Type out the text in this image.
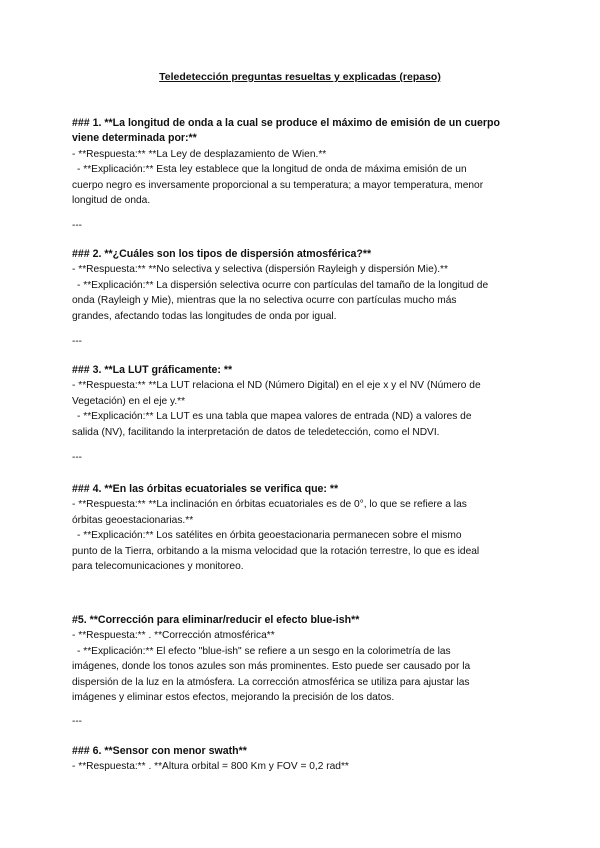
Teledetección preguntas resueltas y explicadas (repaso)
### 1. **La longitud de onda a la cual se produce el máximo de emisión de un cuerpo
viene determinada por:**
- **Respuesta:** **La Ley de desplazamiento de Wien.**
- **Explicación:** Esta ley establece que la longitud de onda de máxima emisión de un
cuerpo negro es inversamente proporcional a su temperatura; a mayor temperatura, menor
longitud de onda.
---
### 2. **¿Cuáles son los tipos de dispersión atmosférica?**
- **Respuesta:** **No selectiva y selectiva (dispersión Rayleigh y dispersión Mie).**
- **Explicación:** La dispersión selectiva ocurre con partículas del tamaño de la longitud de
onda (Rayleigh y Mie), mientras que la no selectiva ocurre con partículas mucho más
grandes, afectando todas las longitudes de onda por igual.
---
### 3. **La LUT gráficamente: **
- **Respuesta:** **La LUT relaciona el ND (Número Digital) en el eje x y el NV (Número de
Vegetación) en el eje y.**
- **Explicación:** La LUT es una tabla que mapea valores de entrada (ND) a valores de
salida (NV), facilitando la interpretación de datos de teledetección, como el NDVI.
---
### 4. **En las órbitas ecuatoriales se verifica que: **
- **Respuesta:** **La inclinación en órbitas ecuatoriales es de 0°, lo que se refiere a las
órbitas geoestacionarias.**
- **Explicación:** Los satélites en órbita geoestacionaria permanecen sobre el mismo
punto de la Tierra, orbitando a la misma velocidad que la rotación terrestre, lo que es ideal
para telecomunicaciones y monitoreo.
#5. **Corrección para eliminar/reducir el efecto blue-ish**
- **Respuesta:** . **Corrección atmosférica**
- **Explicación:** El efecto "blue-ish" se refiere a un sesgo en la colorimetría de las
imágenes, donde los tonos azules son más prominentes. Esto puede ser causado por la
dispersión de la luz en la atmósfera. La corrección atmosférica se utiliza para ajustar las
imágenes y eliminar estos efectos, mejorando la precisión de los datos.
---
### 6. **Sensor con menor swath**
- **Respuesta:** . **Altura orbital = 800 Km y FOV = 0,2 rad**
